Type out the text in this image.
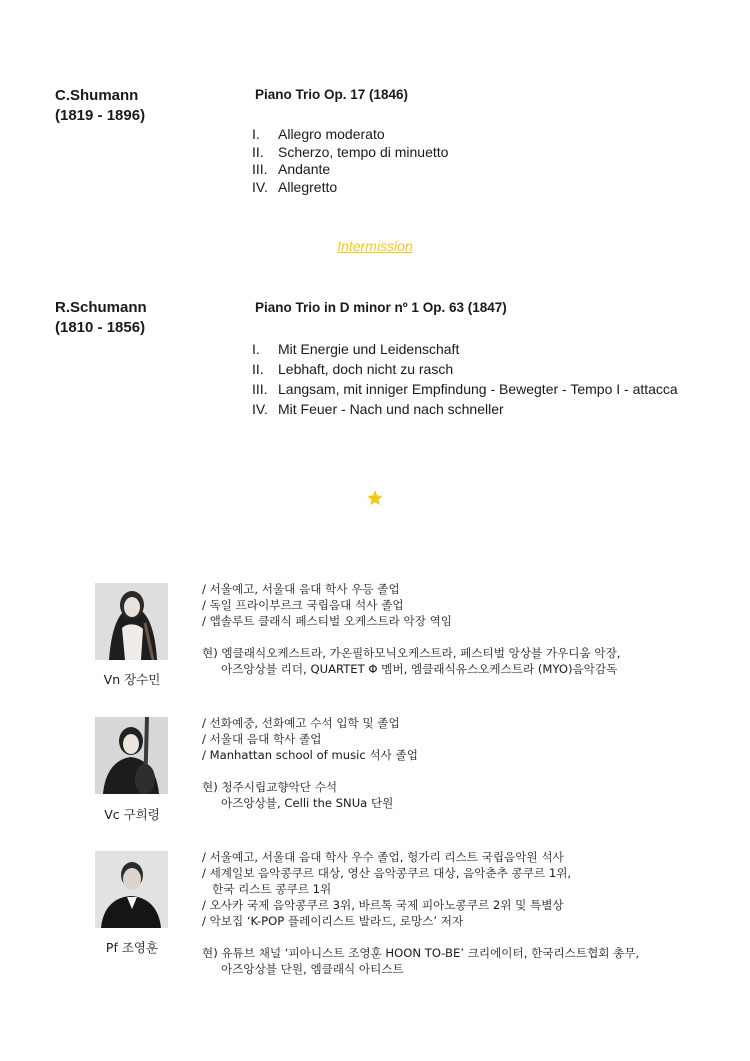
C.Shumann
(1819 - 1896)
Piano Trio Op. 17 (1846)
I.	Allegro moderato
II.	Scherzo, tempo di minuetto
III. Andante
IV. Allegretto
Intermission
R.Schumann
(1810 - 1856)
Piano Trio in D minor nº 1 Op. 63 (1847)
I.	Mit Energie und Leidenschaft
II.	Lebhaft, doch nicht zu rasch
III. Langsam, mit inniger Empfindung - Bewegter - Tempo I - attacca
IV. Mit Feuer - Nach und nach schneller
Vn 장수민
/ 서울예고, 서울대 음대 학사 우등 졸업
/ 독일 프라이부르크 국립음대 석사 졸업
/ 앱솔루트 클래식 페스티벌 오케스트라 악장 역임
현) 엠클래식오케스트라, 가온필하모닉오케스트라, 페스티벌 앙상블 가우디움 악장,
아즈앙상블 리더, QUARTET Φ 멤버, 엠클래식유스오케스트라 (MYO)음악감독
Vc 구희령
/ 선화예중, 선화예고 수석 입학 및 졸업
/ 서울대 음대 학사 졸업
/ Manhattan school of music 석사 졸업
현) 청주시립교향악단 수석
아즈앙상블, Celli the SNUa 단원
Pf 조영훈
/ 서울예고, 서울대 음대 학사 우수 졸업, 헝가리 리스트 국립음악원 석사
/ 세계일보 음악콩쿠르 대상, 영산 음악콩쿠르 대상, 음악춘추 콩쿠르 1위,
한국 리스트 콩쿠르 1위
/ 오사카 국제 음악콩쿠르 3위, 바르톡 국제 피아노콩쿠르 2위 및 특별상
/ 악보집 ‘K-POP 플레이리스트 발라드, 로망스’ 저자
현) 유튜브 채널 ‘피아니스트 조영훈 HOON TO-BE’ 크리에이터, 한국리스트협회 총무,
아즈앙상블 단원, 엠클래식 아티스트
